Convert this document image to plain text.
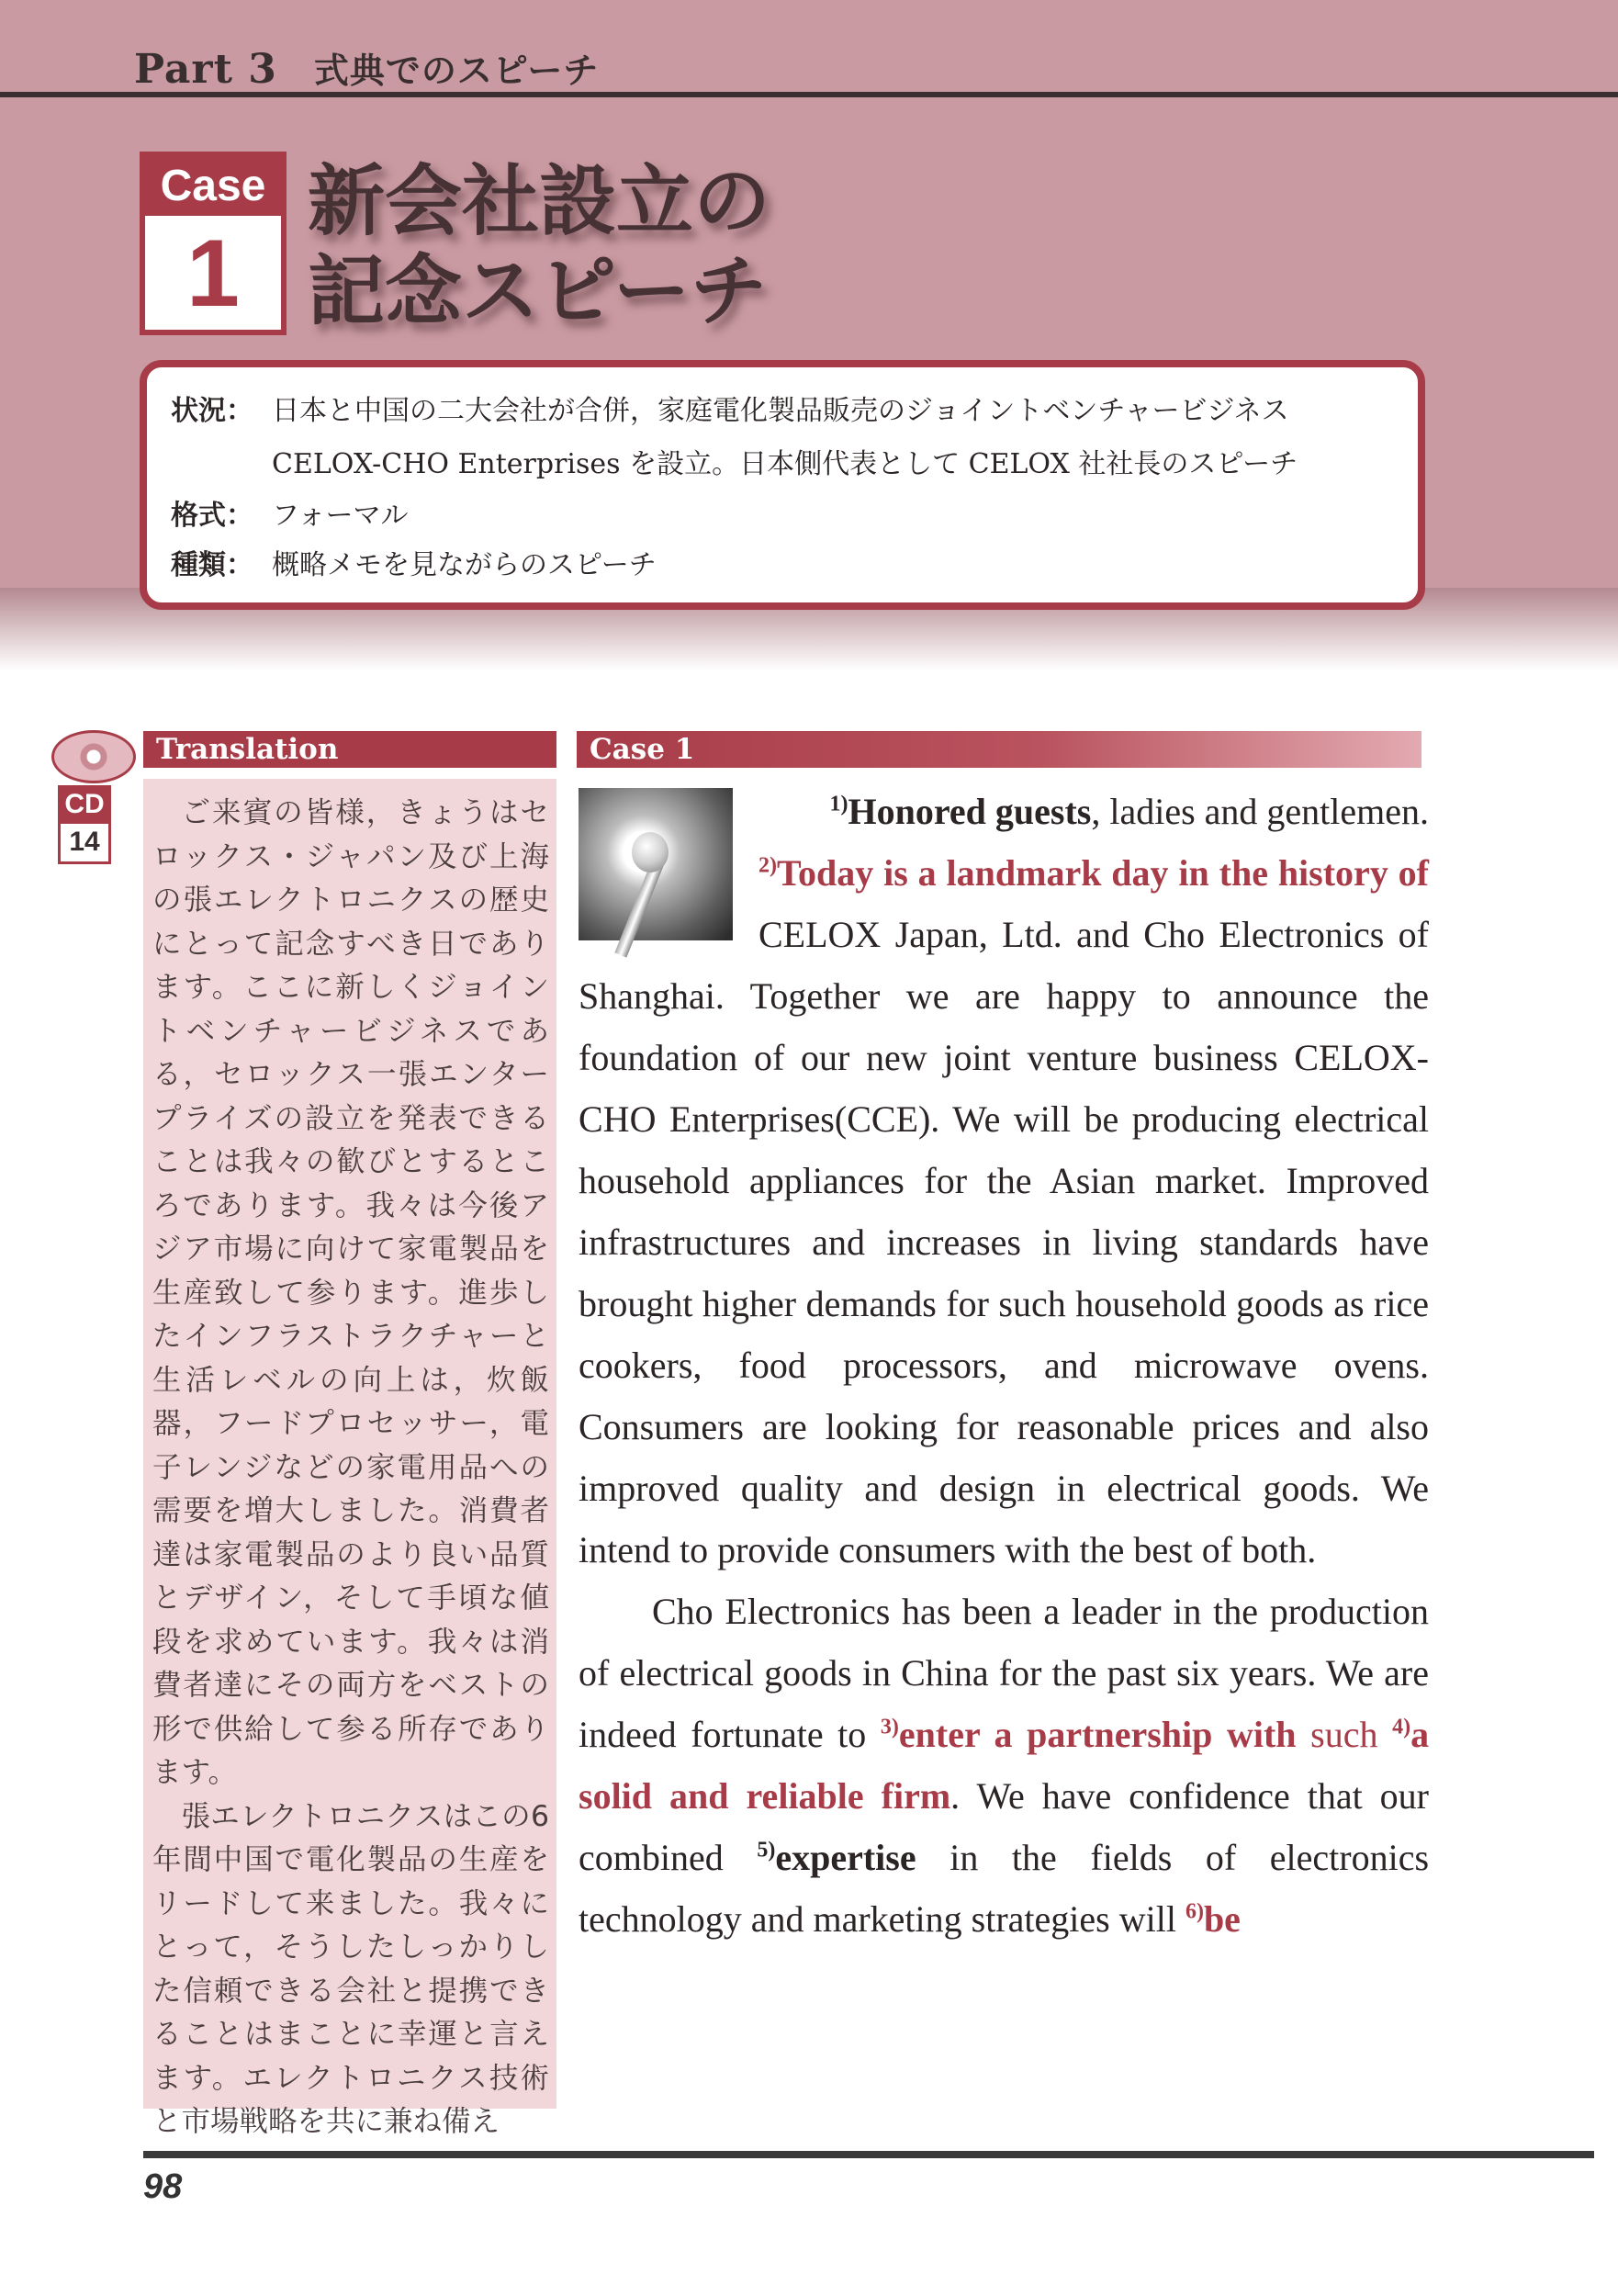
Part 3 式典でのスピーチ
Case
1
新会社設立の
記念スピーチ
状況： 日本と中国の二大会社が合併，家庭電化製品販売のジョイントベンチャービジネス
CELOX-CHO Enterprises を設立。日本側代表として CELOX 社社長のスピーチ
格式： フォーマル
種類： 概略メモを見ながらのスピーチ
CD
14
Translation	Case 1

ご来賓の皆様，きょうはセロックス・ジャパン及び上海の張エレクトロニクスの歴史にとって記念すべき日であります。ここに新しくジョイントベンチャービジネスである，セロックス一張エンタープライズの設立を発表できることは我々の歓びとするところであります。我々は今後アジア市場に向けて家電製品を生産致して参ります。進歩したインフラストラクチャーと生活レベルの向上は，炊飯器，フードプロセッサー，電子レンジなどの家電用品への需要を増大しました。消費者達は家電製品のより良い品質とデザイン，そして手頃な値段を求めています。我々は消費者達にその両方をベストの形で供給して参る所存であります。

張エレクトロニクスはこの6年間中国で電化製品の生産をリードして来ました。我々にとって，そうしたしっかりした信頼できる会社と提携できることはまことに幸運と言えます。エレクトロニクス技術と市場戦略を共に兼ね備え

$^{1)}$Honored guests, ladies and gentlemen.

$^{2)}$Today is a landmark day in the history of CELOX Japan, Ltd. and Cho Electronics of Shanghai. Together we are happy to announce the foundation of our new joint venture business CELOX-CHO Enterprises(CCE). We will be producing electrical household appliances for the Asian market. Improved infrastructures and increases in living standards have brought higher demands for such household goods as rice cookers, food processors, and microwave ovens. Consumers are looking for reasonable prices and also improved quality and design in electrical goods. We intend to provide consumers with the best of both.

Cho Electronics has been a leader in the production of electrical goods in China for the past six years. We are indeed fortunate to $^{3)}$enter a partnership with such $^{4)}$a solid and reliable firm. We have confidence that our combined $^{5)}$expertise in the fields of electronics technology and marketing strategies will $^{6)}$be

98
